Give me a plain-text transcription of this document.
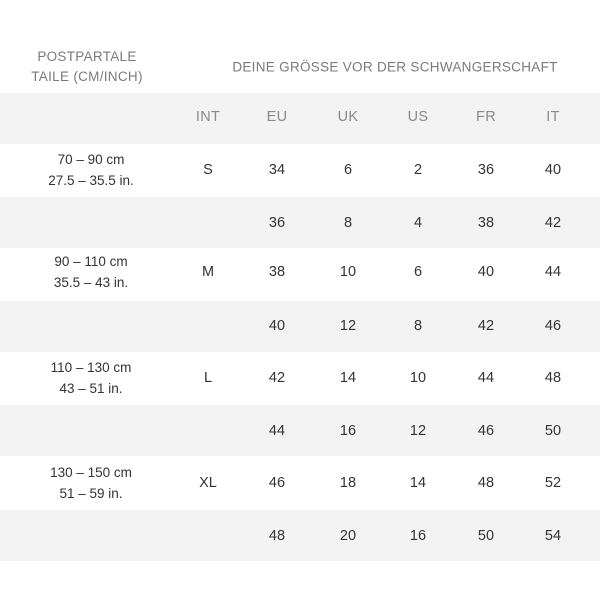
POSTPARTALE
TAILE (CM/INCH)
DEINE GRÖSSE VOR DER SCHWANGERSCHAFT
INT	EU	UK	US	FR	IT
70 – 90 cm
27.5 – 35.5 in.
S	34	6	2	36	40
36	8	4	38	42
90 – 110 cm
35.5 – 43 in.
M	38	10	6	40	44
40	12	8	42	46
110 – 130 cm
43 – 51 in.
L	42	14	10	44	48
44	16	12	46	50
130 – 150 cm
51 – 59 in.
XL	46	18	14	48	52
48	20	16	50	54
